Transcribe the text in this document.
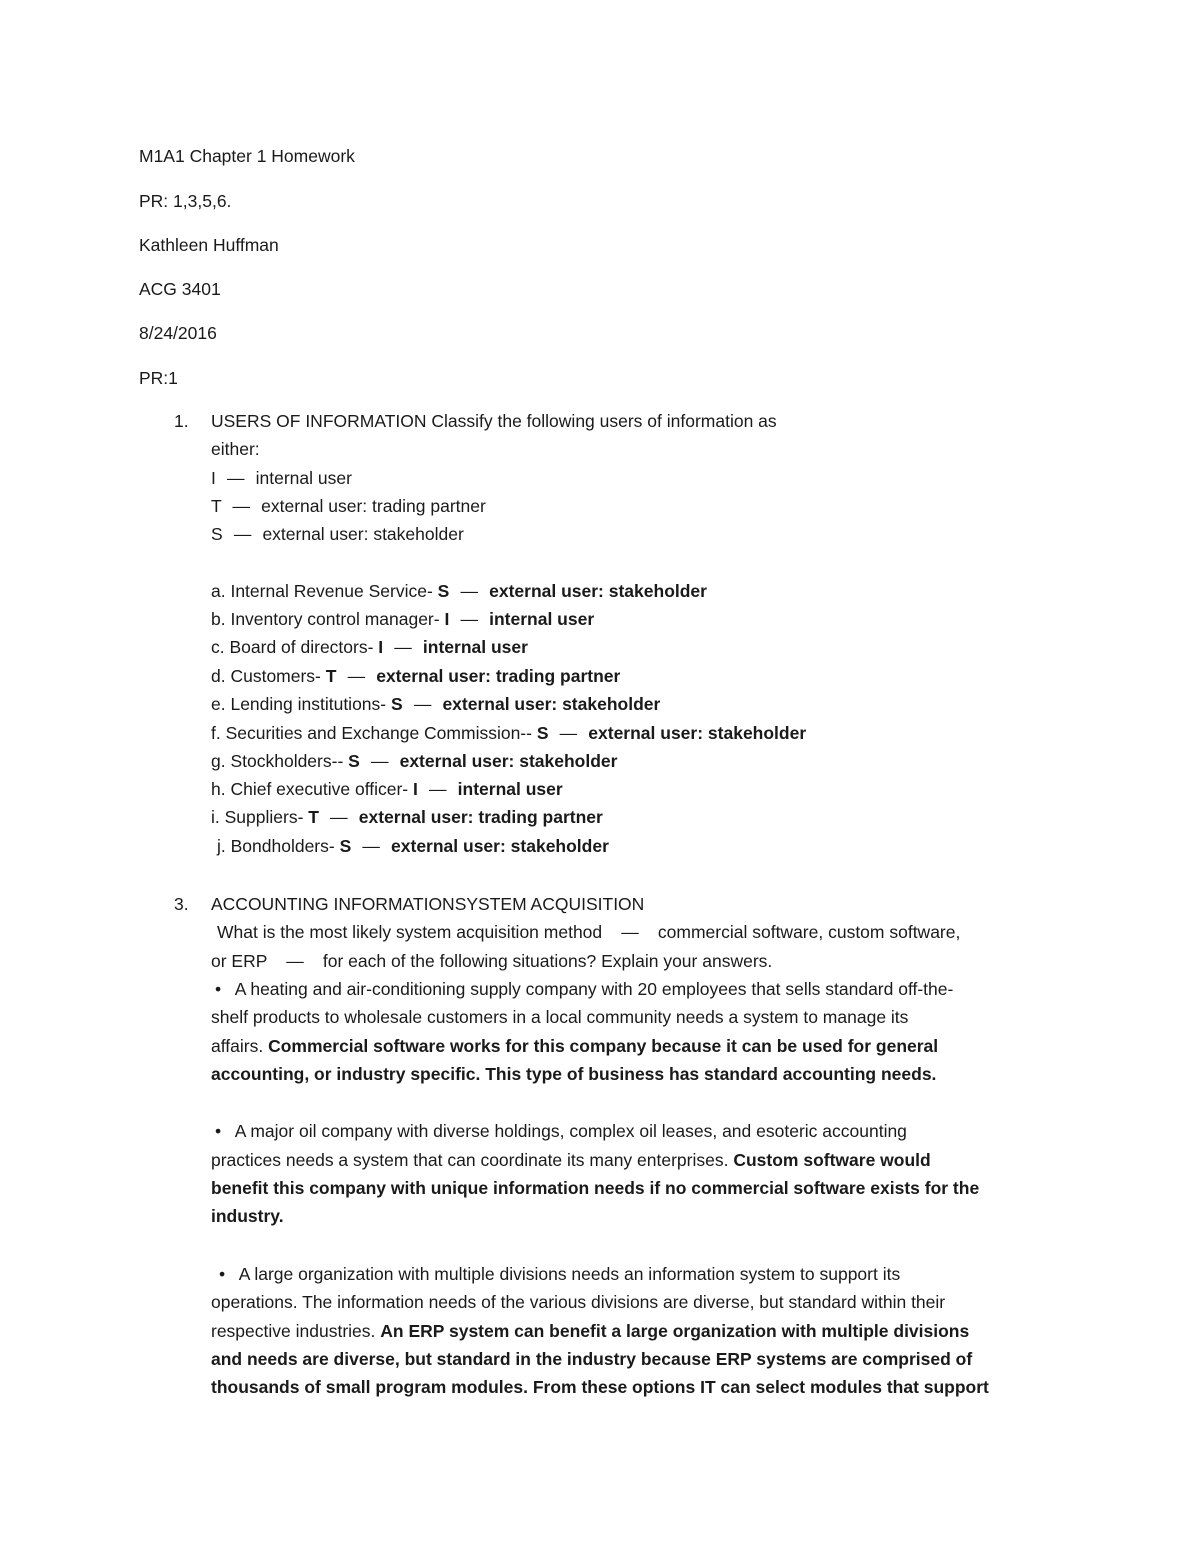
M1A1 Chapter 1 Homework
PR: 1,3,5,6.
Kathleen Huffman
ACG 3401
8/24/2016
PR:1
1. USERS OF INFORMATION Classify the following users of information as
either:
I — internal user
T — external user: trading partner
S — external user: stakeholder
a. Internal Revenue Service- S — external user: stakeholder
b. Inventory control manager- I — internal user
c. Board of directors- I — internal user
d. Customers- T — external user: trading partner
e. Lending institutions- S — external user: stakeholder
f. Securities and Exchange Commission-- S — external user: stakeholder
g. Stockholders-- S — external user: stakeholder
h. Chief executive officer- I — internal user
i. Suppliers- T — external user: trading partner
j. Bondholders- S — external user: stakeholder
3. ACCOUNTING INFORMATIONSYSTEM ACQUISITION
What is the most likely system acquisition method — commercial software, custom software,
or ERP — for each of the following situations? Explain your answers.
• A heating and air-conditioning supply company with 20 employees that sells standard off-the-
shelf products to wholesale customers in a local community needs a system to manage its
affairs. Commercial software works for this company because it can be used for general
accounting, or industry specific. This type of business has standard accounting needs.
• A major oil company with diverse holdings, complex oil leases, and esoteric accounting
practices needs a system that can coordinate its many enterprises. Custom software would
benefit this company with unique information needs if no commercial software exists for the
industry.
• A large organization with multiple divisions needs an information system to support its
operations. The information needs of the various divisions are diverse, but standard within their
respective industries. An ERP system can benefit a large organization with multiple divisions
and needs are diverse, but standard in the industry because ERP systems are comprised of
thousands of small program modules. From these options IT can select modules that support
